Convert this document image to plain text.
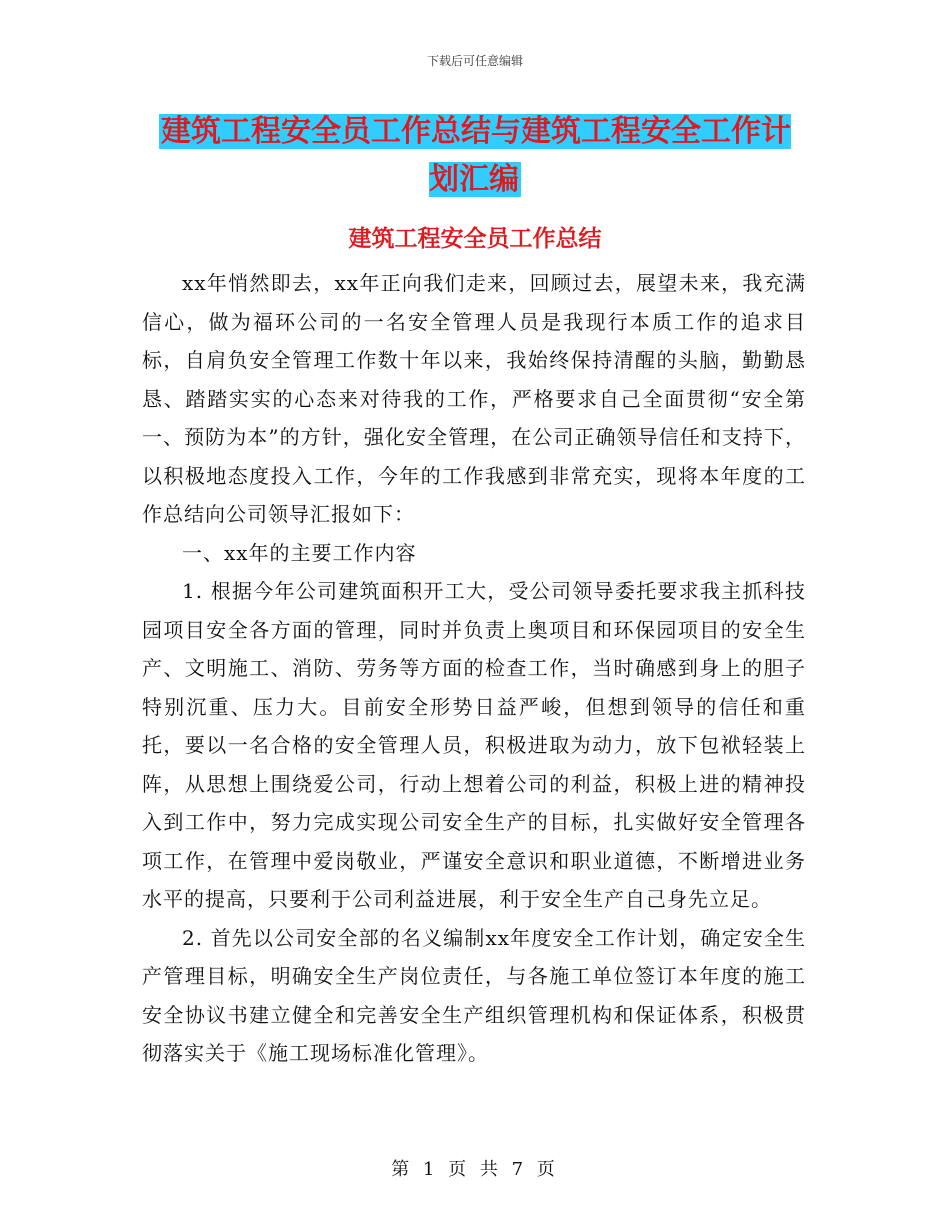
下载后可任意编辑
建筑工程安全员工作总结与建筑工程安全工作计划汇编
建筑工程安全员工作总结

xx年悄然即去，xx年正向我们走来，回顾过去，展望未来，我充满信心，做为福环公司的一名安全管理人员是我现行本质工作的追求目标，自肩负安全管理工作数十年以来，我始终保持清醒的头脑，勤勤恳恳、踏踏实实的心态来对待我的工作，严格要求自己全面贯彻“安全第一、预防为本”的方针，强化安全管理，在公司正确领导信任和支持下，以积极地态度投入工作，今年的工作我感到非常充实，现将本年度的工作总结向公司领导汇报如下：

一、xx年的主要工作内容

1. 根据今年公司建筑面积开工大，受公司领导委托要求我主抓科技园项目安全各方面的管理，同时并负责上奥项目和环保园项目的安全生产、文明施工、消防、劳务等方面的检查工作，当时确感到身上的胆子特别沉重、压力大。目前安全形势日益严峻，但想到领导的信任和重托，要以一名合格的安全管理人员，积极进取为动力，放下包袱轻装上阵，从思想上围绕爱公司，行动上想着公司的利益，积极上进的精神投入到工作中，努力完成实现公司安全生产的目标，扎实做好安全管理各项工作，在管理中爱岗敬业，严谨安全意识和职业道德，不断增进业务水平的提高，只要利于公司利益进展，利于安全生产自己身先立足。

2. 首先以公司安全部的名义编制xx年度安全工作计划，确定安全生产管理目标，明确安全生产岗位责任，与各施工单位签订本年度的施工安全协议书建立健全和完善安全生产组织管理机构和保证体系，积极贯彻落实关于《施工现场标准化管理》。

第 1 页 共 7 页
